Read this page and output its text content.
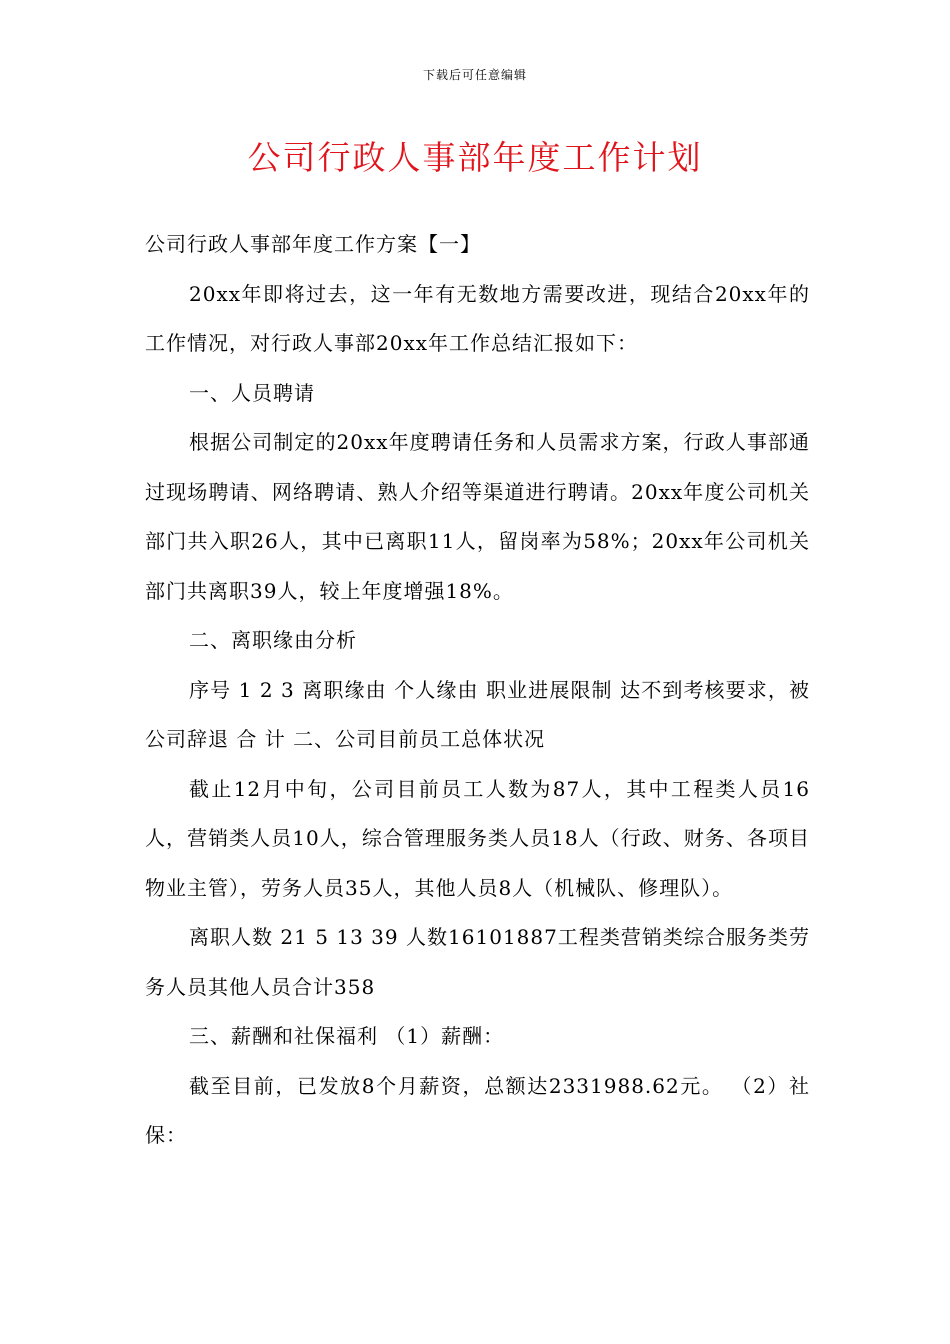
下载后可任意编辑
公司行政人事部年度工作计划

公司行政人事部年度工作方案【一】

20xx年即将过去，这一年有无数地方需要改进，现结合20xx年的工作情况，对行政人事部20xx年工作总结汇报如下：

一、人员聘请

根据公司制定的20xx年度聘请任务和人员需求方案，行政人事部通过现场聘请、网络聘请、熟人介绍等渠道进行聘请。20xx年度公司机关部门共入职26人，其中已离职11人，留岗率为58%；20xx年公司机关部门共离职39人，较上年度增强18%。

二、离职缘由分析

序号 1 2 3 离职缘由 个人缘由 职业进展限制 达不到考核要求，被公司辞退 合 计 二、公司目前员工总体状况

截止12月中旬，公司目前员工人数为87人，其中工程类人员16人，营销类人员10人，综合管理服务类人员18人（行政、财务、各项目物业主管），劳务人员35人，其他人员8人（机械队、修理队）。

离职人数 21 5 13 39 人数16101887工程类营销类综合服务类劳务人员其他人员合计358

三、薪酬和社保福利 （1）薪酬：

截至目前，已发放8个月薪资，总额达2331988.62元。 （2）社保：
